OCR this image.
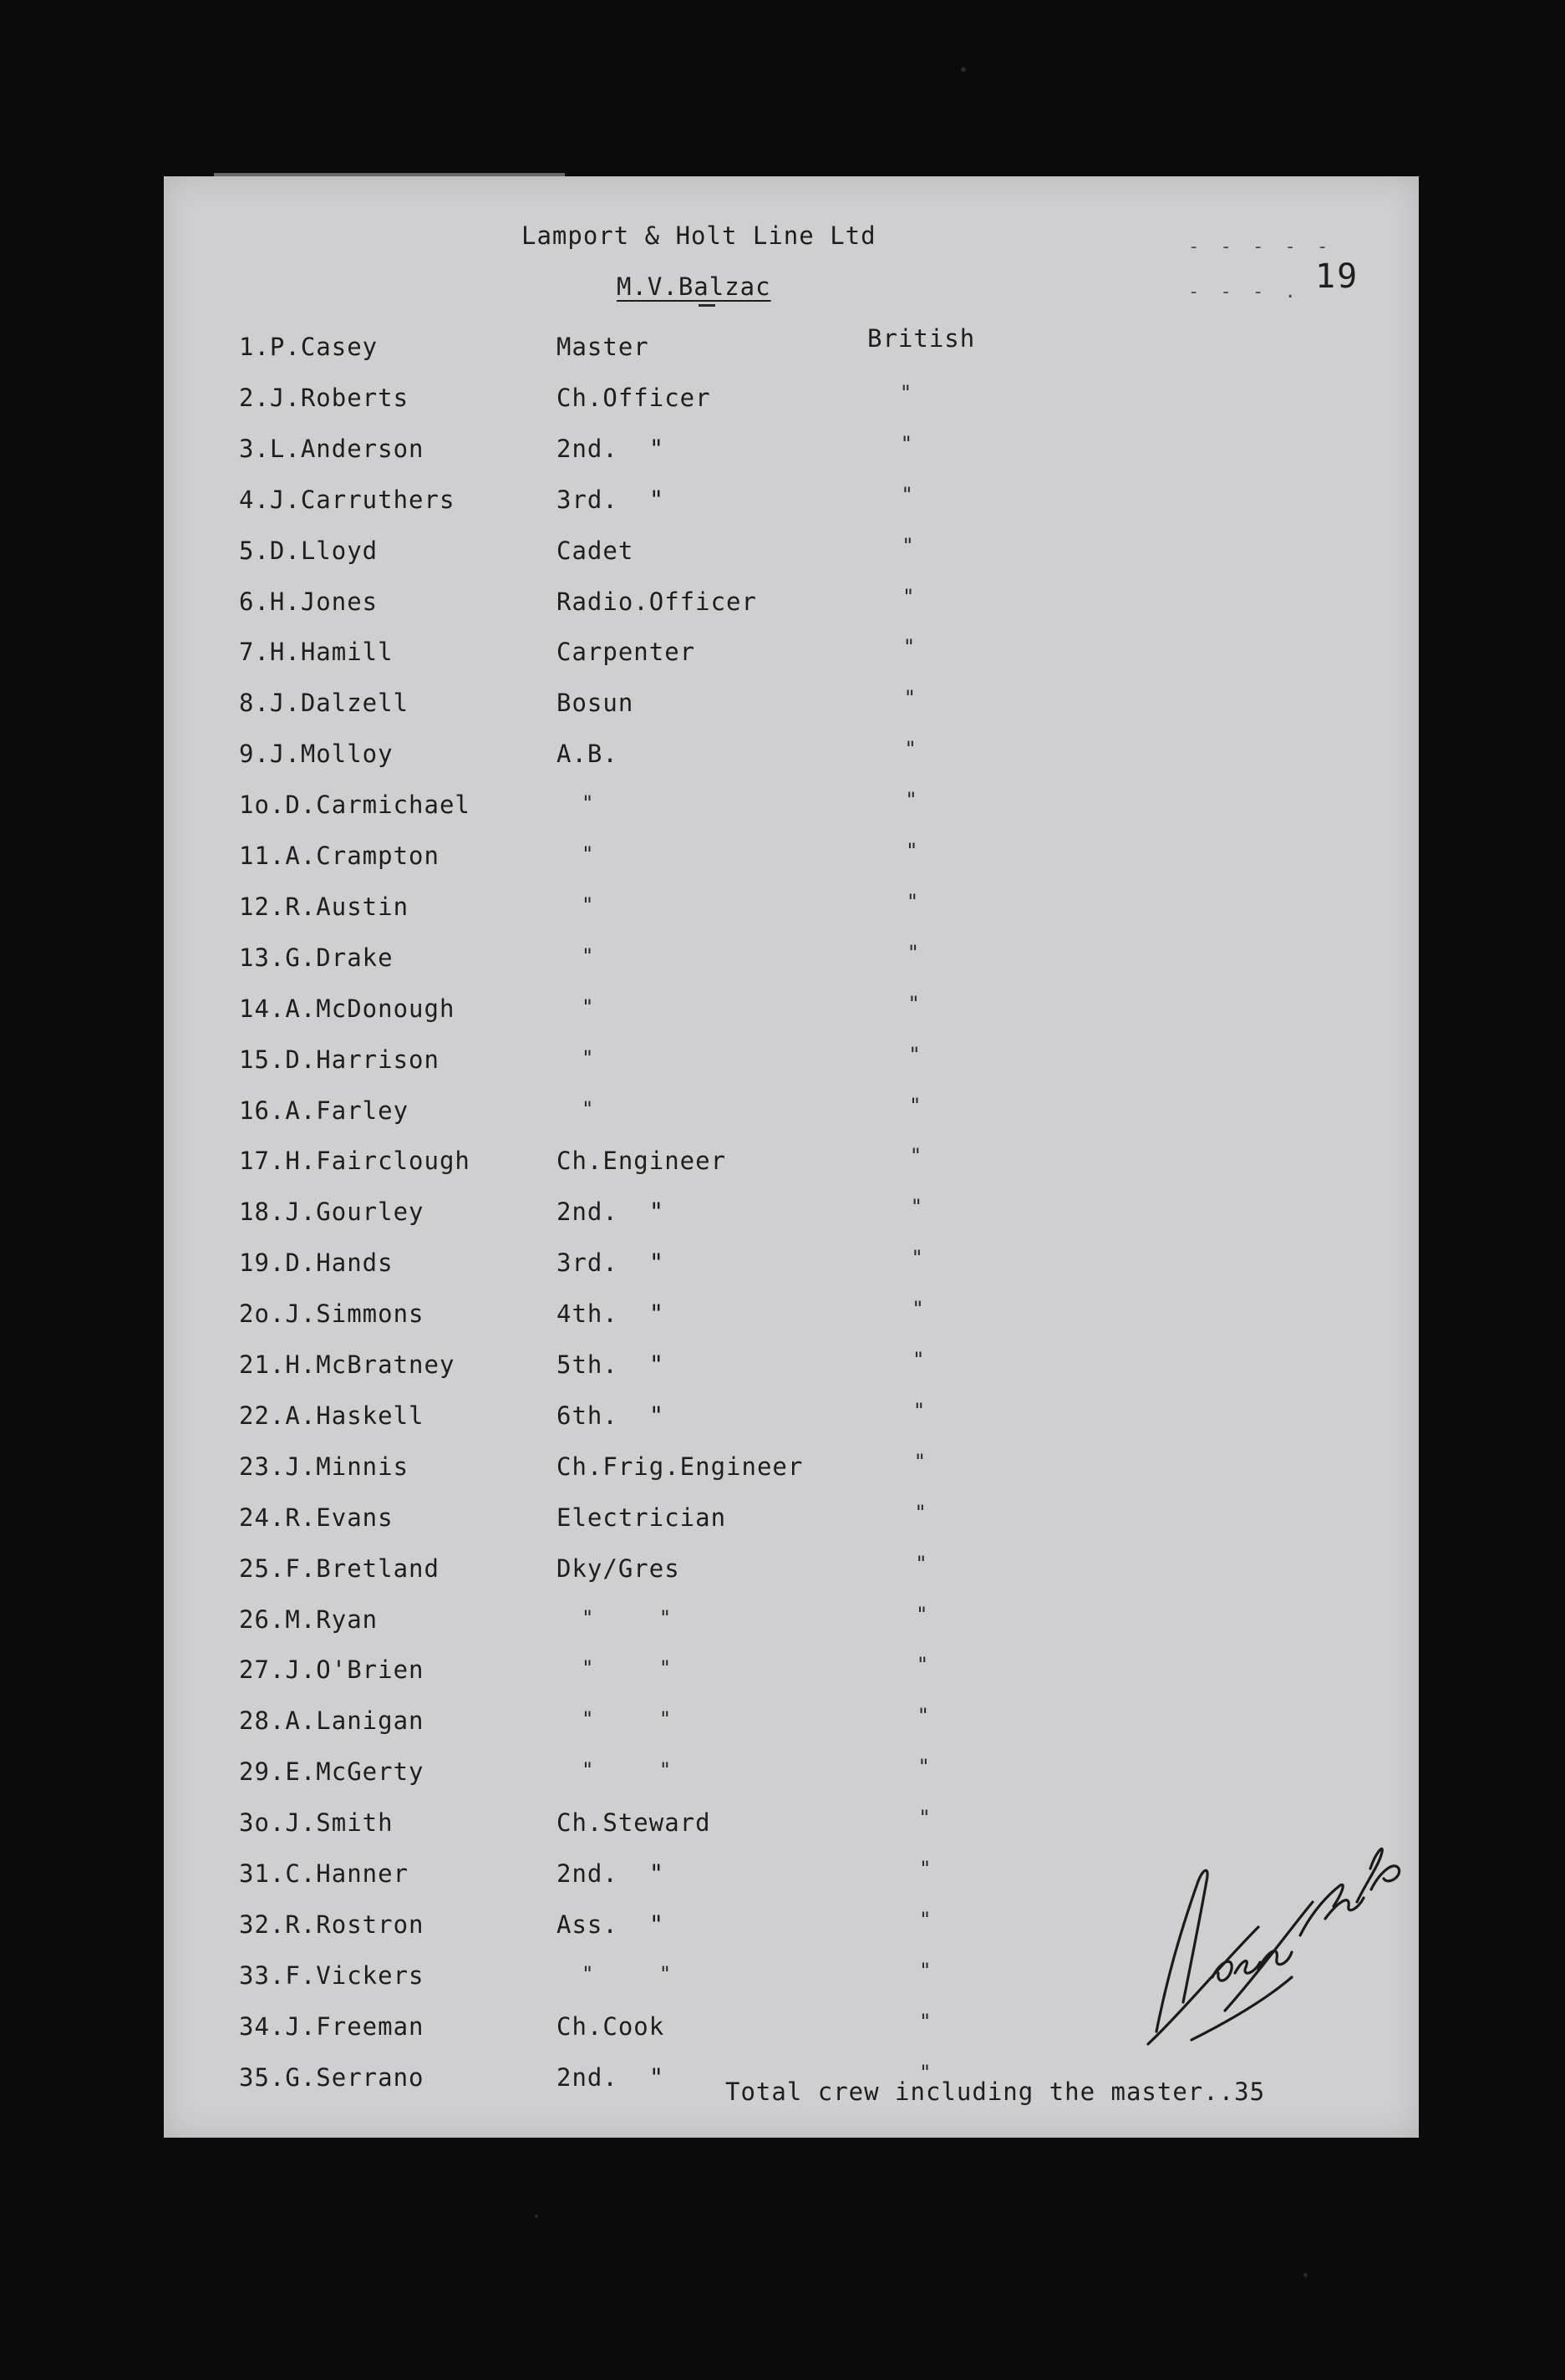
Lamport & Holt Line Ltd
M.V.Balzac
- - - - -
- - - . 19
British
1.P.Casey	Master
2.J.Roberts	Ch.Officer	"
3.L.Anderson	2nd.  "	"
4.J.Carruthers	3rd.  "	"
5.D.Lloyd	Cadet	"
6.H.Jones	Radio.Officer	"
7.H.Hamill	Carpenter	"
8.J.Dalzell	Bosun	"
9.J.Molloy	A.B.	"
1o.D.Carmichael	"	"
11.A.Crampton	"	"
12.R.Austin	"	"
13.G.Drake	"	"
14.A.McDonough	"	"
15.D.Harrison	"	"
16.A.Farley	"	"
17.H.Fairclough	Ch.Engineer	"
18.J.Gourley	2nd.  "	"
19.D.Hands	3rd.  "	"
2o.J.Simmons	4th.  "	"
21.H.McBratney	5th.  "	"
22.A.Haskell	6th.  "	"
23.J.Minnis	Ch.Frig.Engineer	"
24.R.Evans	Electrician	"
25.F.Bretland	Dky/Gres	"
26.M.Ryan	"     "	"
27.J.O'Brien	"     "	"
28.A.Lanigan	"     "	"
29.E.McGerty	"     "	"
3o.J.Smith	Ch.Steward	"
31.C.Hanner	2nd.  "	"
32.R.Rostron	Ass.  "	"
33.F.Vickers	"     "	"
34.J.Freeman	Ch.Cook	"
35.G.Serrano	2nd.  "	"
Total crew including the master..35
